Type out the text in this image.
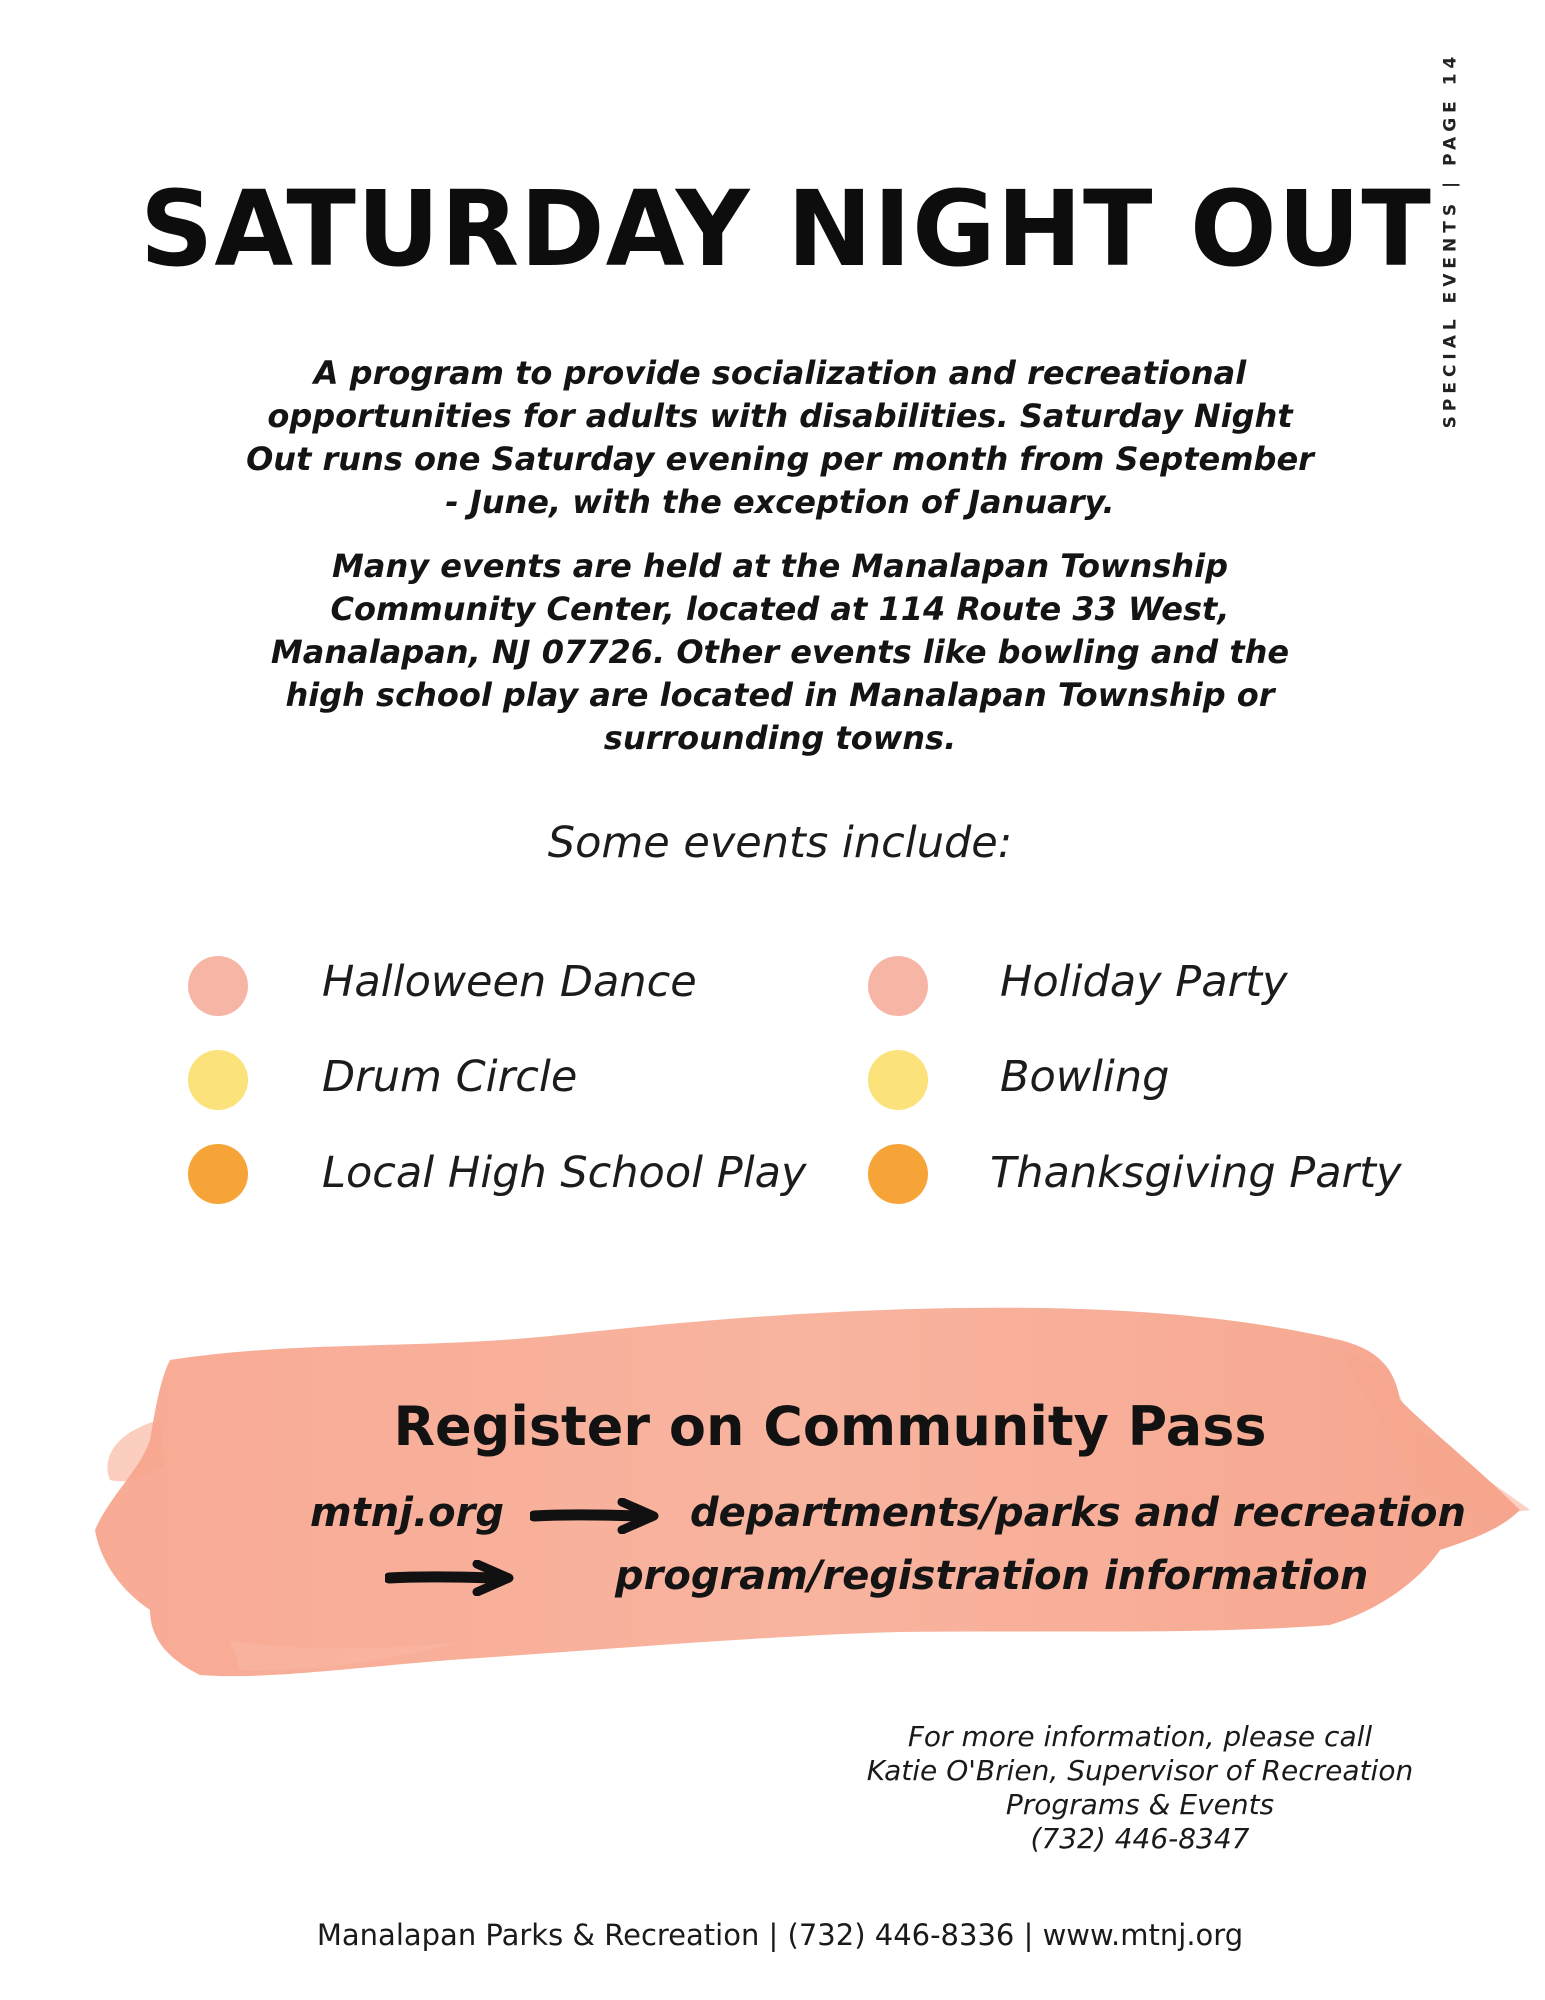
SPECIAL EVENTS | PAGE 14
SATURDAY NIGHT OUT

A program to provide socialization and recreational opportunities for adults with disabilities. Saturday Night Out runs one Saturday evening per month from September - June, with the exception of January.

Many events are held at the Manalapan Township Community Center, located at 114 Route 33 West, Manalapan, NJ 07726. Other events like bowling and the high school play are located in Manalapan Township or surrounding towns.

Some events include:
Halloween Dance
Drum Circle
Local High School Play
Holiday Party
Bowling
Thanksgiving Party
Register on Community Pass
mtnj.org	departments/parks and recreation
program/registration information
For more information, please call
Katie O'Brien, Supervisor of Recreation
Programs & Events
(732) 446-8347
Manalapan Parks & Recreation | (732) 446-8336 | www.mtnj.org
